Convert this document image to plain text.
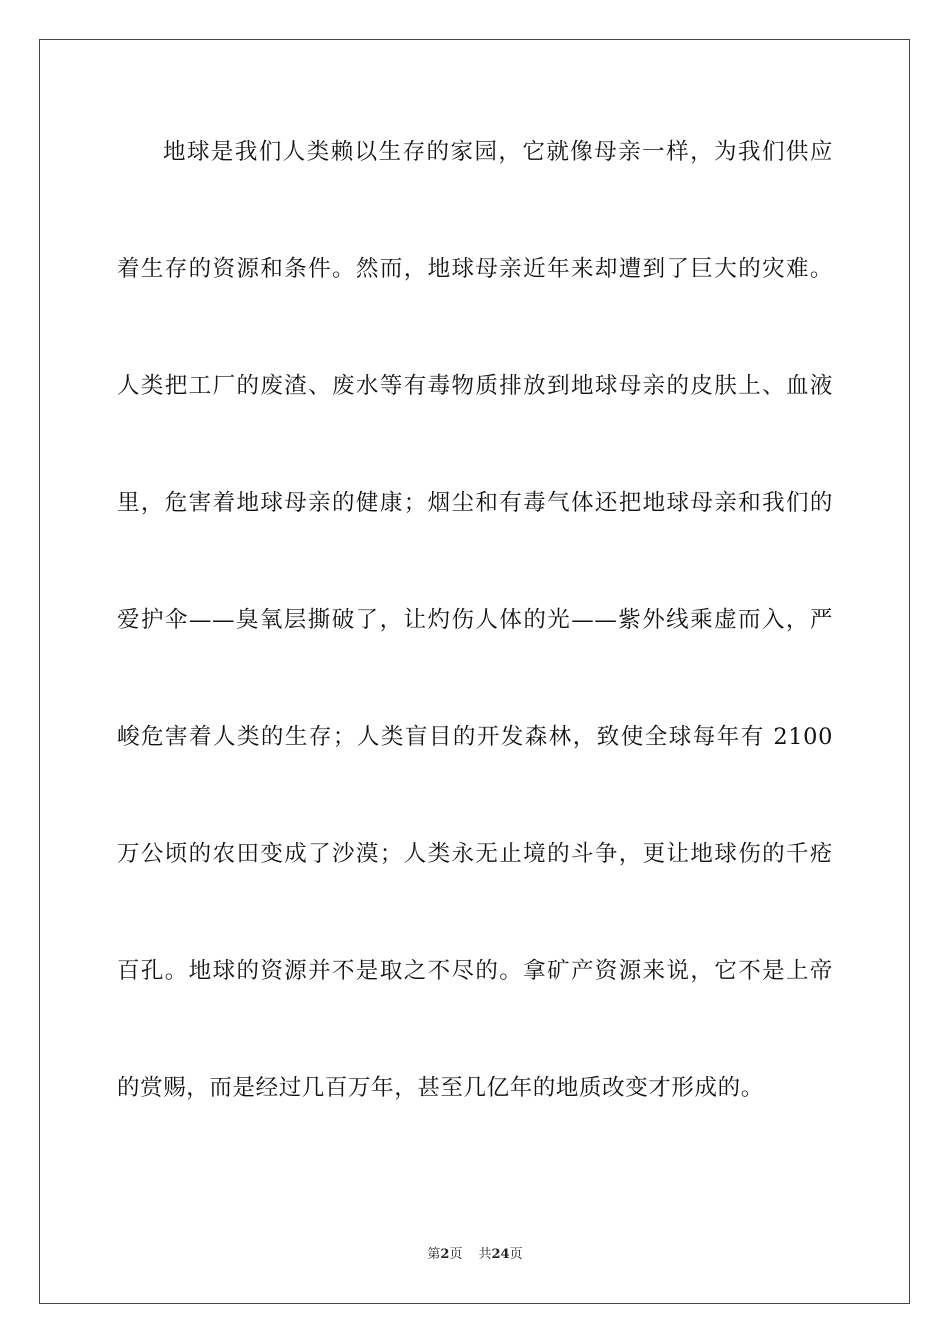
地球是我们人类赖以生存的家园，它就像母亲一样，为我们供应
着生存的资源和条件。然而，地球母亲近年来却遭到了巨大的灾难。
人类把工厂的废渣、废水等有毒物质排放到地球母亲的皮肤上、血液
里，危害着地球母亲的健康；烟尘和有毒气体还把地球母亲和我们的
爱护伞——臭氧层撕破了，让灼伤人体的光——紫外线乘虚而入，严
峻危害着人类的生存；人类盲目的开发森林，致使全球每年有 2100
万公顷的农田变成了沙漠；人类永无止境的斗争，更让地球伤的千疮
百孔。地球的资源并不是取之不尽的。拿矿产资源来说，它不是上帝
的赏赐，而是经过几百万年，甚至几亿年的地质改变才形成的。
第2页 共24页
